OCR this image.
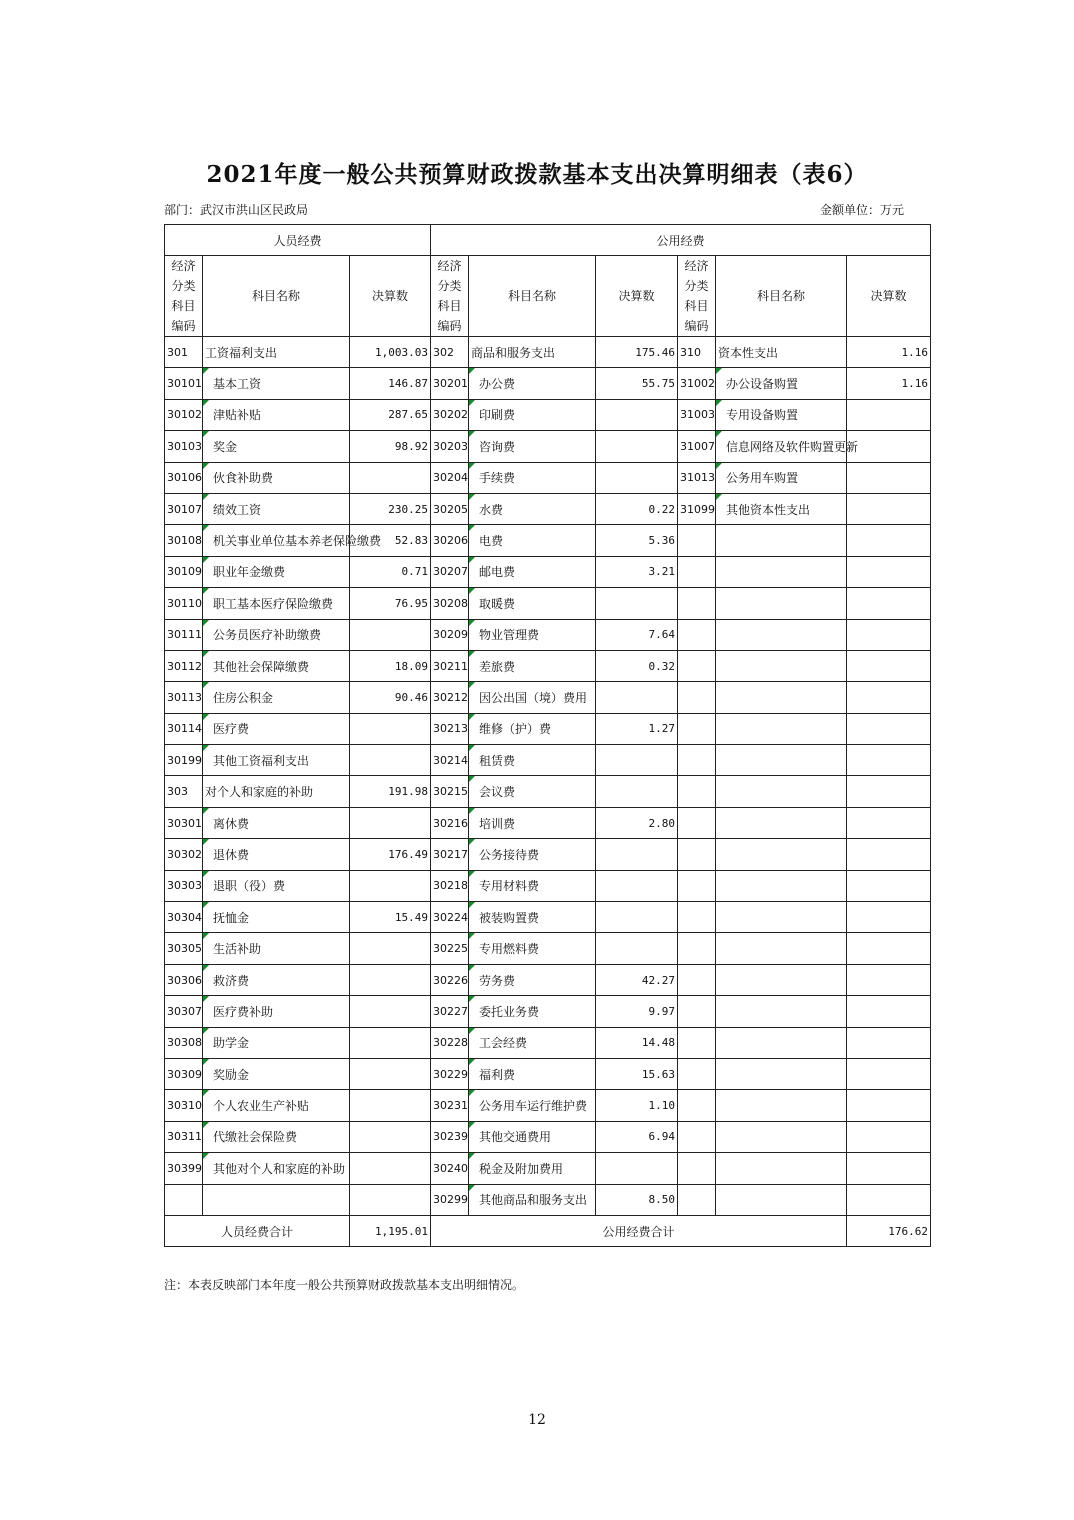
2021年度一般公共预算财政拨款基本支出决算明细表（表6）
部门：武汉市洪山区民政局	金额单位：万元
人员经费			公用经费					
经济分类科目编码	科目名称	决算数	经济分类科目编码	科目名称	决算数	经济分类科目编码	科目名称	决算数
301	工资福利支出	1,003.03	302	商品和服务支出	175.46	310	资本性支出	1.16
30101	基本工资	146.87	30201	办公费	55.75	31002	办公设备购置	1.16
30102	津贴补贴	287.65	30202	印刷费		31003	专用设备购置	
30103	奖金	98.92	30203	咨询费		31007	信息网络及软件购置更新	
30106	伙食补助费		30204	手续费		31013	公务用车购置	
30107	绩效工资	230.25	30205	水费	0.22	31099	其他资本性支出	
30108	机关事业单位基本养老保险缴费	52.83	30206	电费	5.36			
30109	职业年金缴费	0.71	30207	邮电费	3.21			
30110	职工基本医疗保险缴费	76.95	30208	取暖费				
30111	公务员医疗补助缴费		30209	物业管理费	7.64			
30112	其他社会保障缴费	18.09	30211	差旅费	0.32			
30113	住房公积金	90.46	30212	因公出国（境）费用				
30114	医疗费		30213	维修（护）费	1.27			
30199	其他工资福利支出		30214	租赁费				
303	对个人和家庭的补助	191.98	30215	会议费				
30301	离休费		30216	培训费	2.80			
30302	退休费	176.49	30217	公务接待费				
30303	退职（役）费		30218	专用材料费				
30304	抚恤金	15.49	30224	被装购置费				
30305	生活补助		30225	专用燃料费				
30306	救济费		30226	劳务费	42.27			
30307	医疗费补助		30227	委托业务费	9.97			
30308	助学金		30228	工会经费	14.48			
30309	奖励金		30229	福利费	15.63			
30310	个人农业生产补贴		30231	公务用车运行维护费	1.10			
30311	代缴社会保险费		30239	其他交通费用	6.94			
30399	其他对个人和家庭的补助		30240	税金及附加费用				
			30299	其他商品和服务支出	8.50			
人员经费合计		1,195.01	公用经费合计					176.62
注：本表反映部门本年度一般公共预算财政拨款基本支出明细情况。
12
